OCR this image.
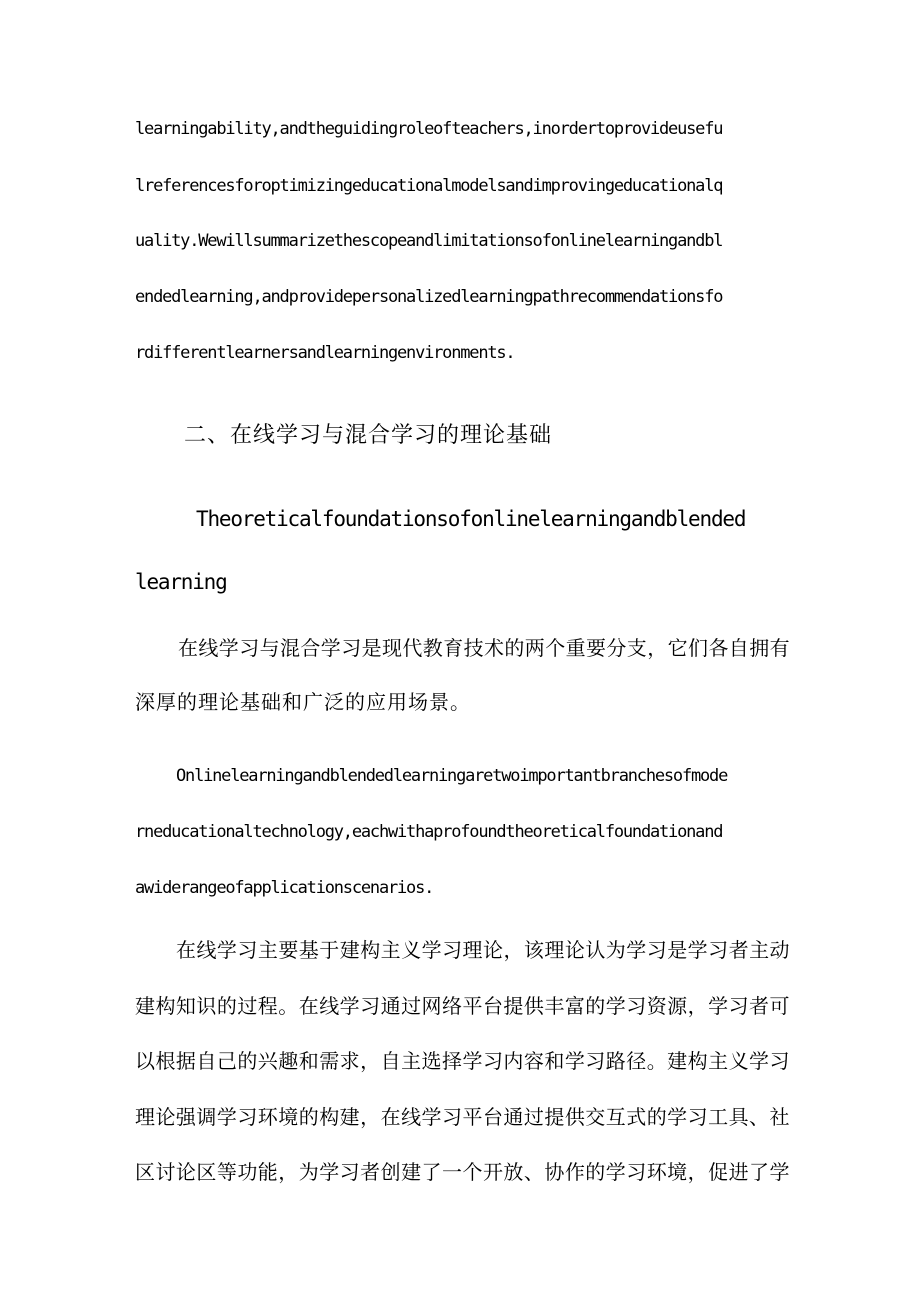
learningability,andtheguidingroleofteachers,inordertoprovideusefu

lreferencesforoptimizingeducationalmodelsandimprovingeducationalq

uality.Wewillsummarizethescopeandlimitationsofonlinelearningandbl

endedlearning,andprovidepersonalizedlearningpathrecommendationsfo

rdifferentlearnersandlearningenvironments.

二、在线学习与混合学习的理论基础

Theoreticalfoundationsofonlinelearningandblended

learning

在线学习与混合学习是现代教育技术的两个重要分支，它们各自拥有

深厚的理论基础和广泛的应用场景。

Onlinelearningandblendedlearningaretwoimportantbranchesofmode

rneducationaltechnology,eachwithaprofoundtheoreticalfoundationand

awiderangeofapplicationscenarios.

在线学习主要基于建构主义学习理论，该理论认为学习是学习者主动

建构知识的过程。在线学习通过网络平台提供丰富的学习资源，学习者可

以根据自己的兴趣和需求，自主选择学习内容和学习路径。建构主义学习

理论强调学习环境的构建，在线学习平台通过提供交互式的学习工具、社

区讨论区等功能，为学习者创建了一个开放、协作的学习环境，促进了学
